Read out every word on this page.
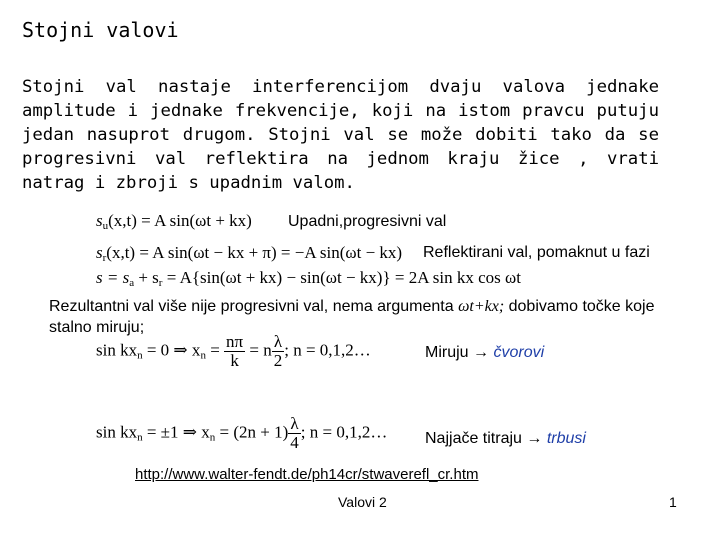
Stojni valovi
Stojni val nastaje interferencijom dvaju valova jednake amplitude i jednake frekvencije, koji na istom pravcu putuju jedan nasuprot drugom. Stojni val se može dobiti tako da se progresivni val reflektira na jednom kraju žice , vrati natrag i zbroji s upadnim valom.
$s_u(x,t) = A$ sin(ωt + kx) Upadni,progresivni val
$s_r(x,t) = A$ sin(ωt − kx + π) = −A sin(ωt − kx) Reflektirani val, pomaknut u fazi
$s = s_a + s_r = A\{\sin(\omega t + kx) - \sin(\omega t - kx)\} = 2A$ sin kx cos ωt
Rezultantni val više nije progresivni val, nema argumenta ωt+kx; dobivamo točke koje stalno miruju;
$\sin kx_n = 0$ ⇒ $x_n = \frac{n\pi}{k} = n \frac{\lambda}{2}$ ; n = 0,1,2…	Miruju → čvorovi
$\sin kx_n = \pm 1$ ⇒ $x_n = (2n + 1) \frac{\lambda}{4}$ ; n = 0,1,2… Najjače titraju → trbusi
http://www.walter-fendt.de/ph14cr/stwaverefl_cr.htm
Valovi 2	1
